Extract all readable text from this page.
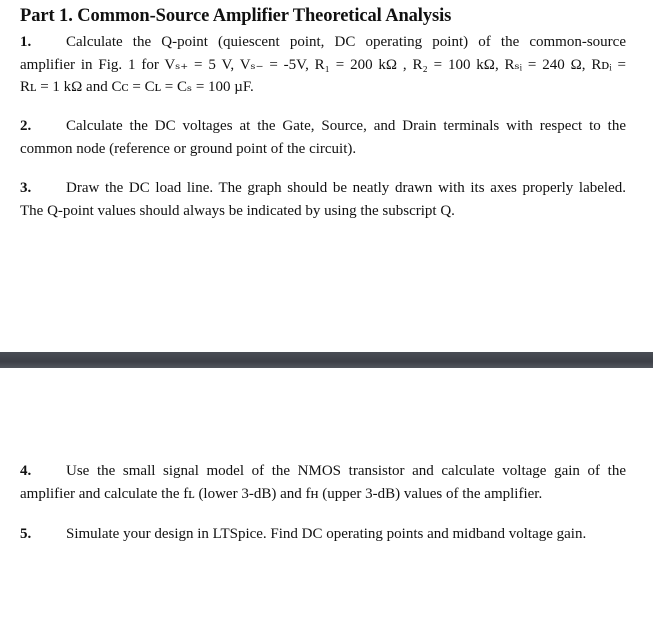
Part 1. Common-Source Amplifier Theoretical Analysis
1. Calculate the Q-point (quiescent point, DC operating point) of the common-source
amplifier in Fig. 1 for Vₛ₊ = 5 V, Vₛ₋ = -5V, R₁ = 200 kΩ , R₂ = 100 kΩ, Rₛᵢ = 240 Ω, Rᴅᵢ =
Rʟ = 1 kΩ and Cᴄ = Cʟ = Cₛ = 100 µF.
2. Calculate the DC voltages at the Gate, Source, and Drain terminals with respect to the
common node (reference or ground point of the circuit).
3. Draw the DC load line. The graph should be neatly drawn with its axes properly labeled.
The Q-point values should always be indicated by using the subscript Q.
4. Use the small signal model of the NMOS transistor and calculate voltage gain of the
amplifier and calculate the fʟ (lower 3-dB) and fʜ (upper 3-dB) values of the amplifier.
5. Simulate your design in LTSpice. Find DC operating points and midband voltage gain.
